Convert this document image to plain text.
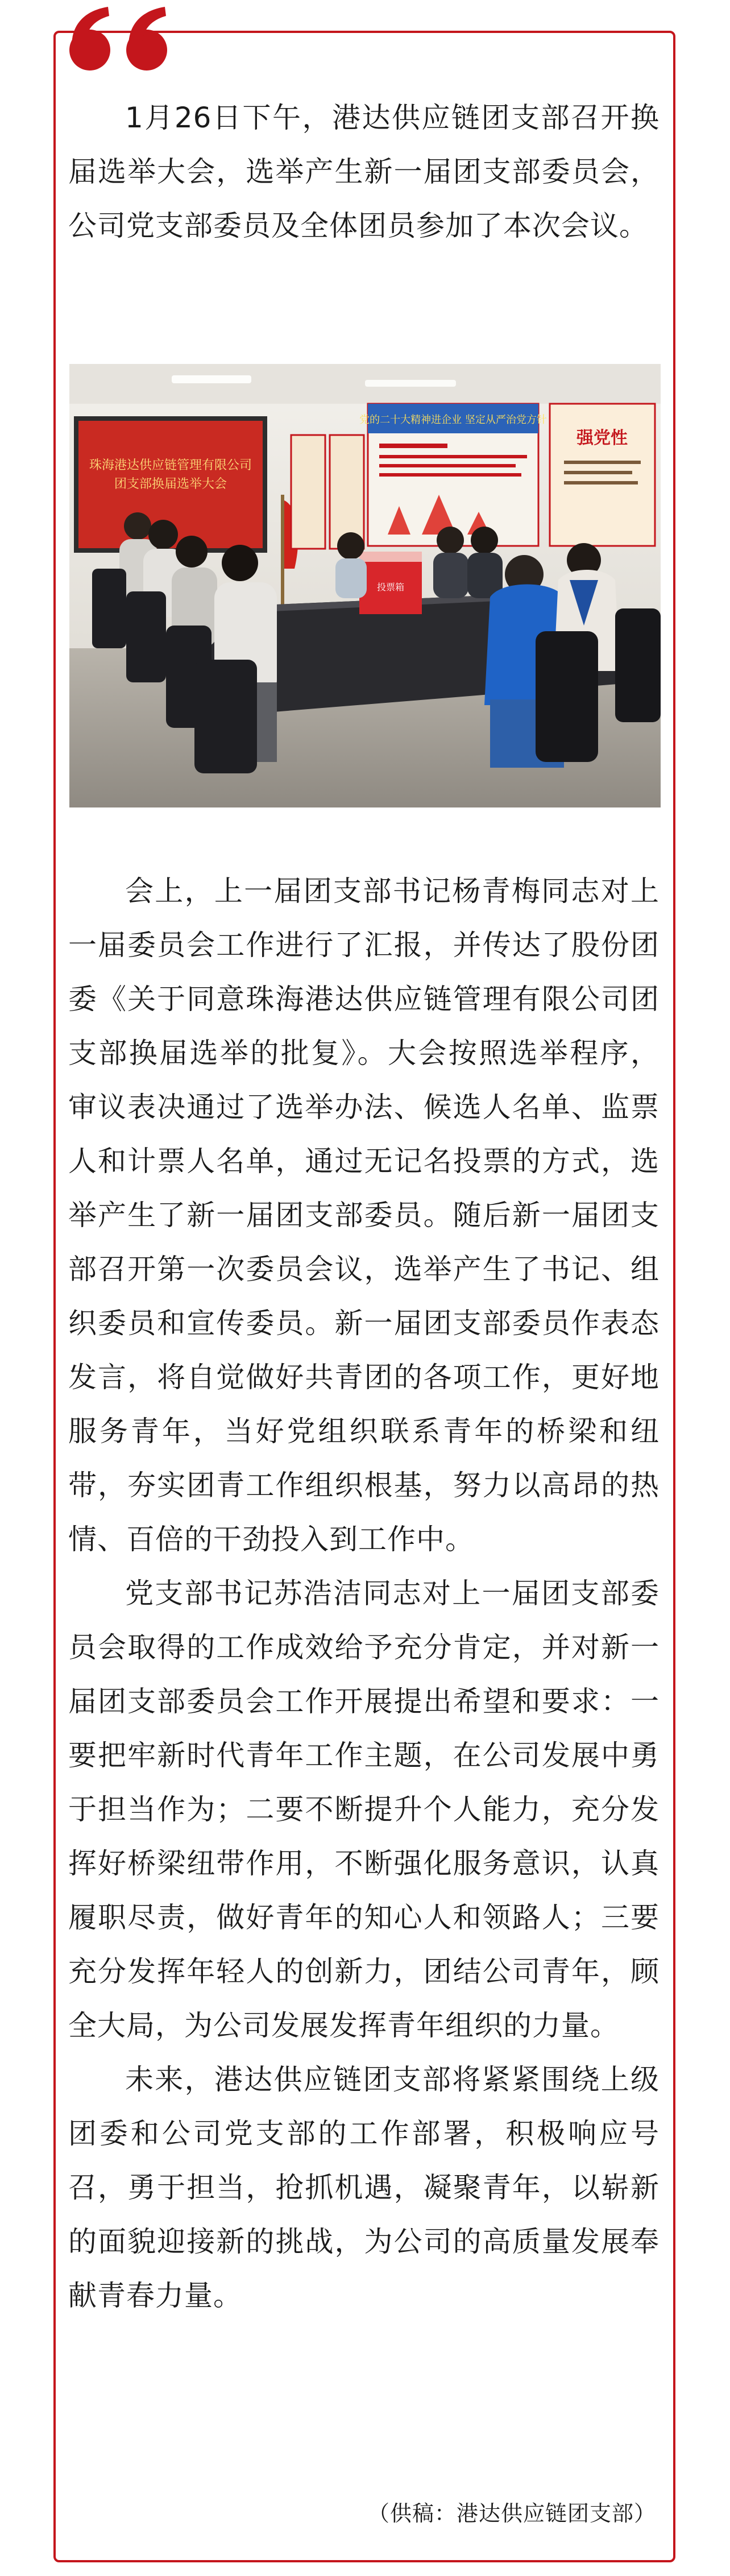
1月26日下午，港达供应链团支部召开换届选举大会，选举产生新一届团支部委员会，公司党支部委员及全体团员参加了本次会议。

珠海港达供应链管理有限公司
团支部换届选举大会
党的二十大精神进企业 坚定从严治党方针
强党性
投票箱

会上，上一届团支部书记杨青梅同志对上一届委员会工作进行了汇报，并传达了股份团委《关于同意珠海港达供应链管理有限公司团支部换届选举的批复》。大会按照选举程序，审议表决通过了选举办法、候选人名单、监票人和计票人名单，通过无记名投票的方式，选举产生了新一届团支部委员。随后新一届团支部召开第一次委员会议，选举产生了书记、组织委员和宣传委员。新一届团支部委员作表态发言，将自觉做好共青团的各项工作，更好地服务青年，当好党组织联系青年的桥梁和纽带，夯实团青工作组织根基，努力以高昂的热情、百倍的干劲投入到工作中。

党支部书记苏浩洁同志对上一届团支部委员会取得的工作成效给予充分肯定，并对新一届团支部委员会工作开展提出希望和要求：一要把牢新时代青年工作主题，在公司发展中勇于担当作为；二要不断提升个人能力，充分发挥好桥梁纽带作用，不断强化服务意识，认真履职尽责，做好青年的知心人和领路人；三要充分发挥年轻人的创新力，团结公司青年，顾全大局，为公司发展发挥青年组织的力量。

未来，港达供应链团支部将紧紧围绕上级团委和公司党支部的工作部署，积极响应号召，勇于担当，抢抓机遇，凝聚青年，以崭新的面貌迎接新的挑战，为公司的高质量发展奉献青春力量。

（供稿：港达供应链团支部）
